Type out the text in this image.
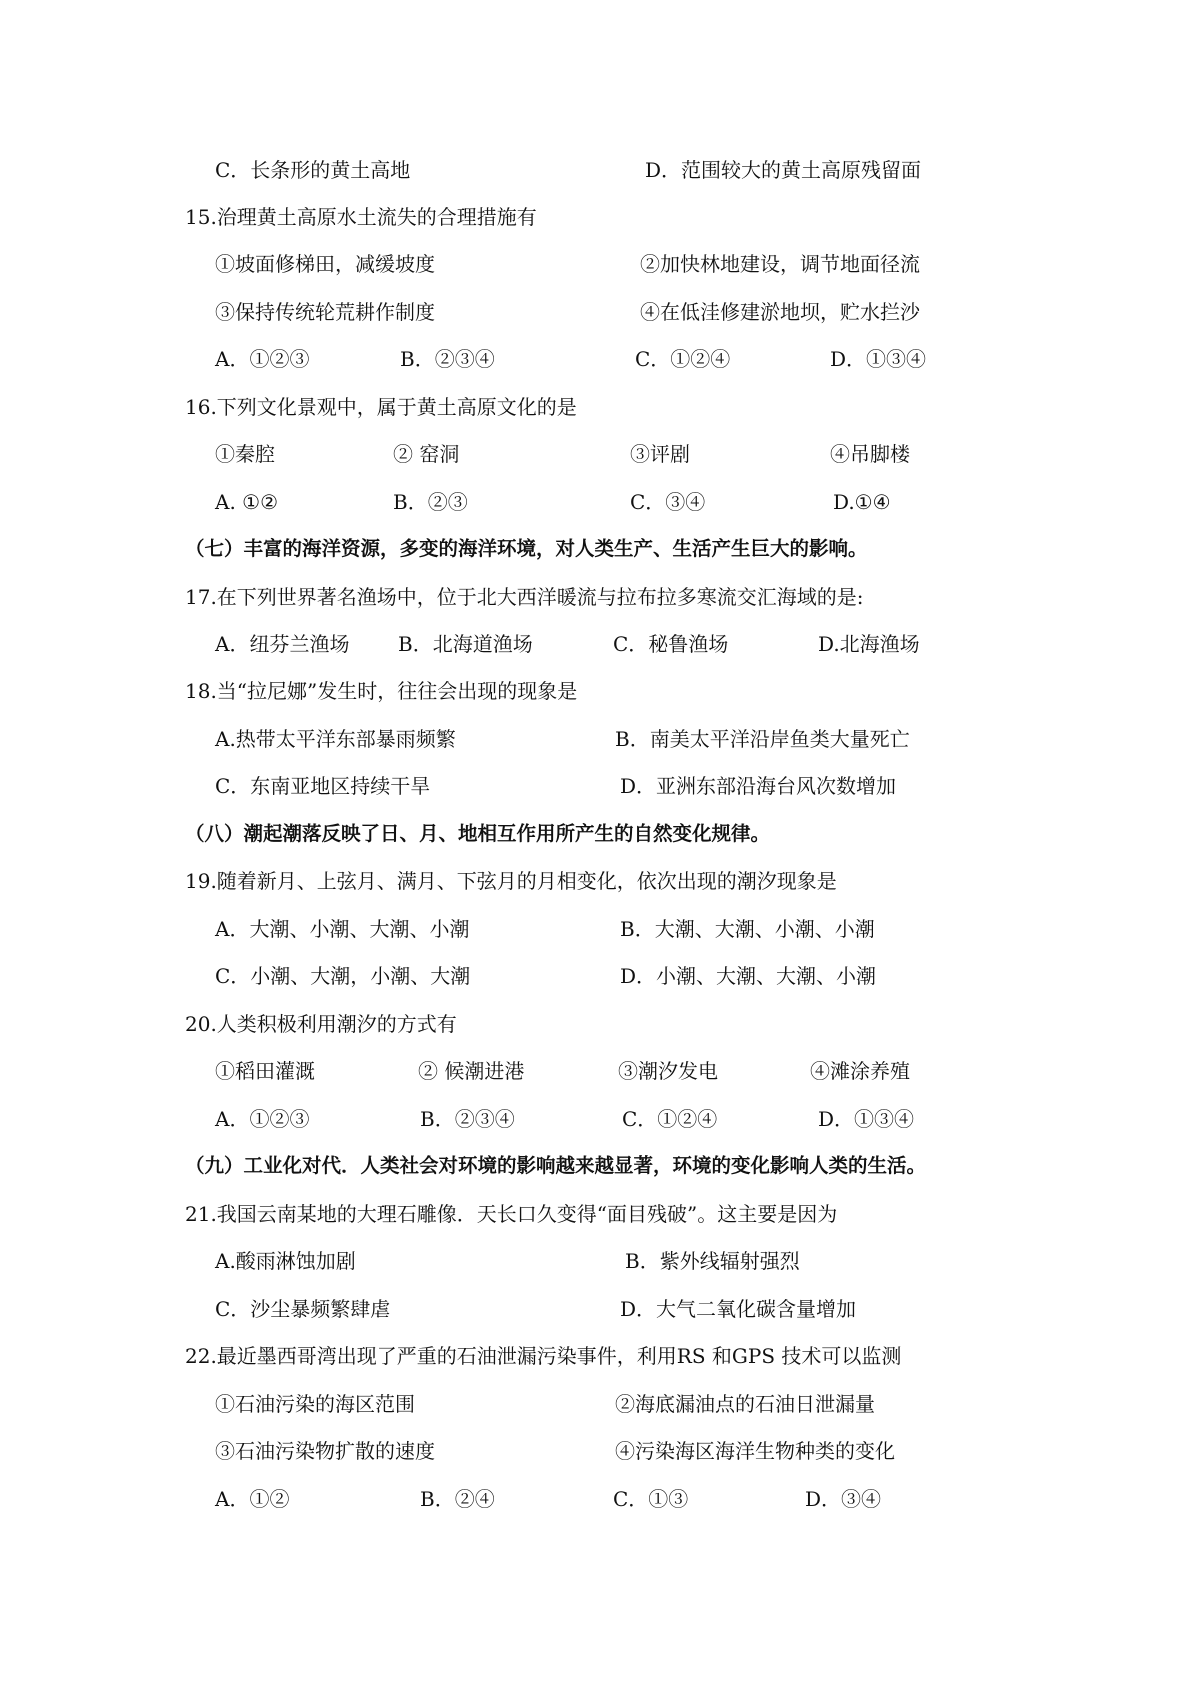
C．长条形的黄土高地	D．范围较大的黄土高原残留面
15.治理黄土高原水土流失的合理措施有
①坡面修梯田，减缓坡度	②加快林地建设，调节地面径流
③保持传统轮荒耕作制度	④在低洼修建淤地坝，贮水拦沙
A．①②③	B．②③④	C．①②④	D．①③④
16.下列文化景观中，属于黄土高原文化的是
①秦腔	② 窑洞	③评剧	④吊脚楼
A. ①②	B．②③	C．③④	D.①④
（七）丰富的海洋资源，多变的海洋环境，对人类生产、生活产生巨大的影响。
17.在下列世界著名渔场中，位于北大西洋暖流与拉布拉多寒流交汇海域的是:
A．纽芬兰渔场 B．北海道渔场	C．秘鲁渔场	D.北海渔场
18.当“拉尼娜”发生时，往往会出现的现象是
A.热带太平洋东部暴雨频繁	B．南美太平洋沿岸鱼类大量死亡
C．东南亚地区持续干旱	D．亚洲东部沿海台风次数增加
（八）潮起潮落反映了日、月、地相互作用所产生的自然变化规律。
19.随着新月、上弦月、满月、下弦月的月相变化，依次出现的潮汐现象是
A．大潮、小潮、大潮、小潮	B．大潮、大潮、小潮、小潮
C．小潮、大潮，小潮、大潮	D．小潮、大潮、大潮、小潮
20.人类积极利用潮汐的方式有
①稻田灌溉	② 候潮进港	③潮汐发电	④滩涂养殖
A．①②③	B．②③④	C．①②④	D．①③④
（九）工业化对代．人类社会对环境的影响越来越显著，环境的变化影响人类的生活。
21.我国云南某地的大理石雕像．天长口久变得“面目残破”。这主要是因为
A.酸雨淋蚀加剧	B．紫外线辐射强烈
C．沙尘暴频繁肆虐	D．大气二氧化碳含量增加
22.最近墨西哥湾出现了严重的石油泄漏污染事件，利用RS 和GPS 技术可以监测
①石油污染的海区范围	②海底漏油点的石油日泄漏量
③石油污染物扩散的速度	④污染海区海洋生物种类的变化
A．①②	B．②④	C．①③	D．③④
